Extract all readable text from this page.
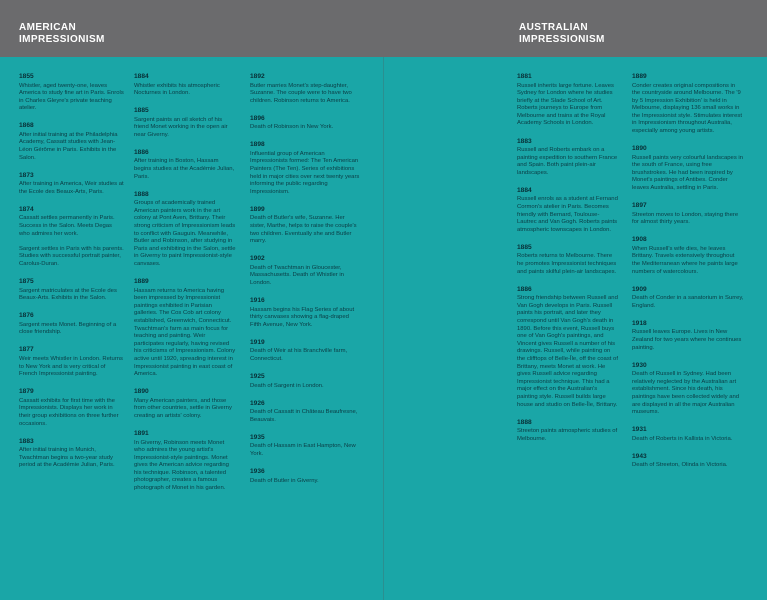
AMERICAN
IMPRESSIONISM
AUSTRALIAN
IMPRESSIONISM
1855

Whistler, aged twenty-one, leaves America to study fine art in Paris. Enrols in Charles Gleyre's private teaching atelier.

1868

After initial training at the Philadelphia Academy, Cassatt studies with Jean-Léon Gérôme in Paris. Exhibits in the Salon.

1873

After training in America, Weir studies at the Ecole des Beaux-Arts, Paris.

1874

Cassatt settles permanently in Paris. Success in the Salon. Meets Degas who admires her work.

Sargent settles in Paris with his parents. Studies with successful portrait painter, Carolus-Duran.

1875

Sargent matriculates at the Ecole des Beaux-Arts. Exhibits in the Salon.

1876

Sargent meets Monet. Beginning of a close friendship.

1877

Weir meets Whistler in London. Returns to New York and is very critical of French Impressionist painting.

1879

Cassatt exhibits for first time with the Impressionists. Displays her work in their group exhibitions on three further occasions.

1883

After initial training in Munich, Twachtman begins a two-year study period at the Académie Julian, Paris.

1884

Whistler exhibits his atmospheric Nocturnes in London.

1885

Sargent paints an oil sketch of his friend Monet working in the open air near Giverny.

1886

After training in Boston, Hassam begins studies at the Académie Julian, Paris.

1888

Groups of academically trained American painters work in the art colony at Pont Aven, Brittany. Their strong criticism of Impressionism leads to conflict with Gauguin. Meanwhile, Butler and Robinson, after studying in Paris and exhibiting in the Salon, settle in Giverny to paint Impressionist-style canvases.

1889

Hassam returns to America having been impressed by Impressionist paintings exhibited in Parisian galleries. The Cos Cob art colony established, Greenwich, Connecticut. Twachtman's farm as main focus for teaching and painting. Weir participates regularly, having revised his criticisms of Impressionism. Colony active until 1920, spreading interest in Impressionist painting in east coast of America.

1890

Many American painters, and those from other countries, settle in Giverny creating an artists' colony.

1891

In Giverny, Robinson meets Monet who admires the young artist's Impressionist-style paintings. Monet gives the American advice regarding his technique. Robinson, a talented photographer, creates a famous photograph of Monet in his garden.

1892

Butler marries Monet's step-daughter, Suzanne. The couple were to have two children. Robinson returns to America.

1896

Death of Robinson in New York.

1898

Influential group of American Impressionists formed: The Ten American Painters (The Ten). Series of exhibitions held in major cities over next twenty years informing the public regarding Impressionism.

1899

Death of Butler's wife, Suzanne. Her sister, Marthe, helps to raise the couple's two children. Eventually she and Butler marry.

1902

Death of Twachtman in Gloucester, Massachusetts. Death of Whistler in London.

1916

Hassam begins his Flag Series of about thirty canvases showing a flag-draped Fifth Avenue, New York.

1919

Death of Weir at his Branchville farm, Connecticut.

1925

Death of Sargent in London.

1926

Death of Cassatt in Château Beaufresne, Beauvais.

1935

Death of Hassam in East Hampton, New York.

1936

Death of Butler in Giverny.

1881

Russell inherits large fortune. Leaves Sydney for London where he studies briefly at the Slade School of Art. Roberts journeys to Europe from Melbourne and trains at the Royal Academy Schools in London.

1883

Russell and Roberts embark on a painting expedition to southern France and Spain. Both paint plein-air landscapes.

1884

Russell enrols as a student at Fernand Cormon's atelier in Paris. Becomes friendly with Bernard, Toulouse-Lautrec and Van Gogh. Roberts paints atmospheric townscapes in London.

1885

Roberts returns to Melbourne. There he promotes Impressionist techniques and paints skilful plein-air landscapes.

1886

Strong friendship between Russell and Van Gogh develops in Paris. Russell paints his portrait, and later they correspond until Van Gogh's death in 1890. Before this event, Russell buys one of Van Gogh's paintings, and Vincent gives Russell a number of his drawings. Russell, while painting on the clifftops of Belle-Île, off the coast of Brittany, meets Monet at work. He gives Russell advice regarding Impressionist technique. This had a major effect on the Australian's painting style. Russell builds large house and studio on Belle-Île, Brittany.

1888

Streeton paints atmospheric studies of Melbourne.

1889

Conder creates original compositions in the countryside around Melbourne. The '9 by 5 Impression Exhibition' is held in Melbourne, displaying 136 small works in the Impressionist style. Stimulates interest in Impressionism throughout Australia, especially among young artists.

1890

Russell paints very colourful landscapes in the south of France, using free brushstrokes. He had been inspired by Monet's paintings of Antibes. Conder leaves Australia, settling in Paris.

1897

Streeton moves to London, staying there for almost thirty years.

1908

When Russell's wife dies, he leaves Brittany. Travels extensively throughout the Mediterranean where he paints large numbers of watercolours.

1909

Death of Conder in a sanatorium in Surrey, England.

1918

Russell leaves Europe. Lives in New Zealand for two years where he continues painting.

1930

Death of Russell in Sydney. Had been relatively neglected by the Australian art establishment. Since his death, his paintings have been collected widely and are displayed in all the major Australian museums.

1931

Death of Roberts in Kallista in Victoria.

1943

Death of Streeton, Olinda in Victoria.
